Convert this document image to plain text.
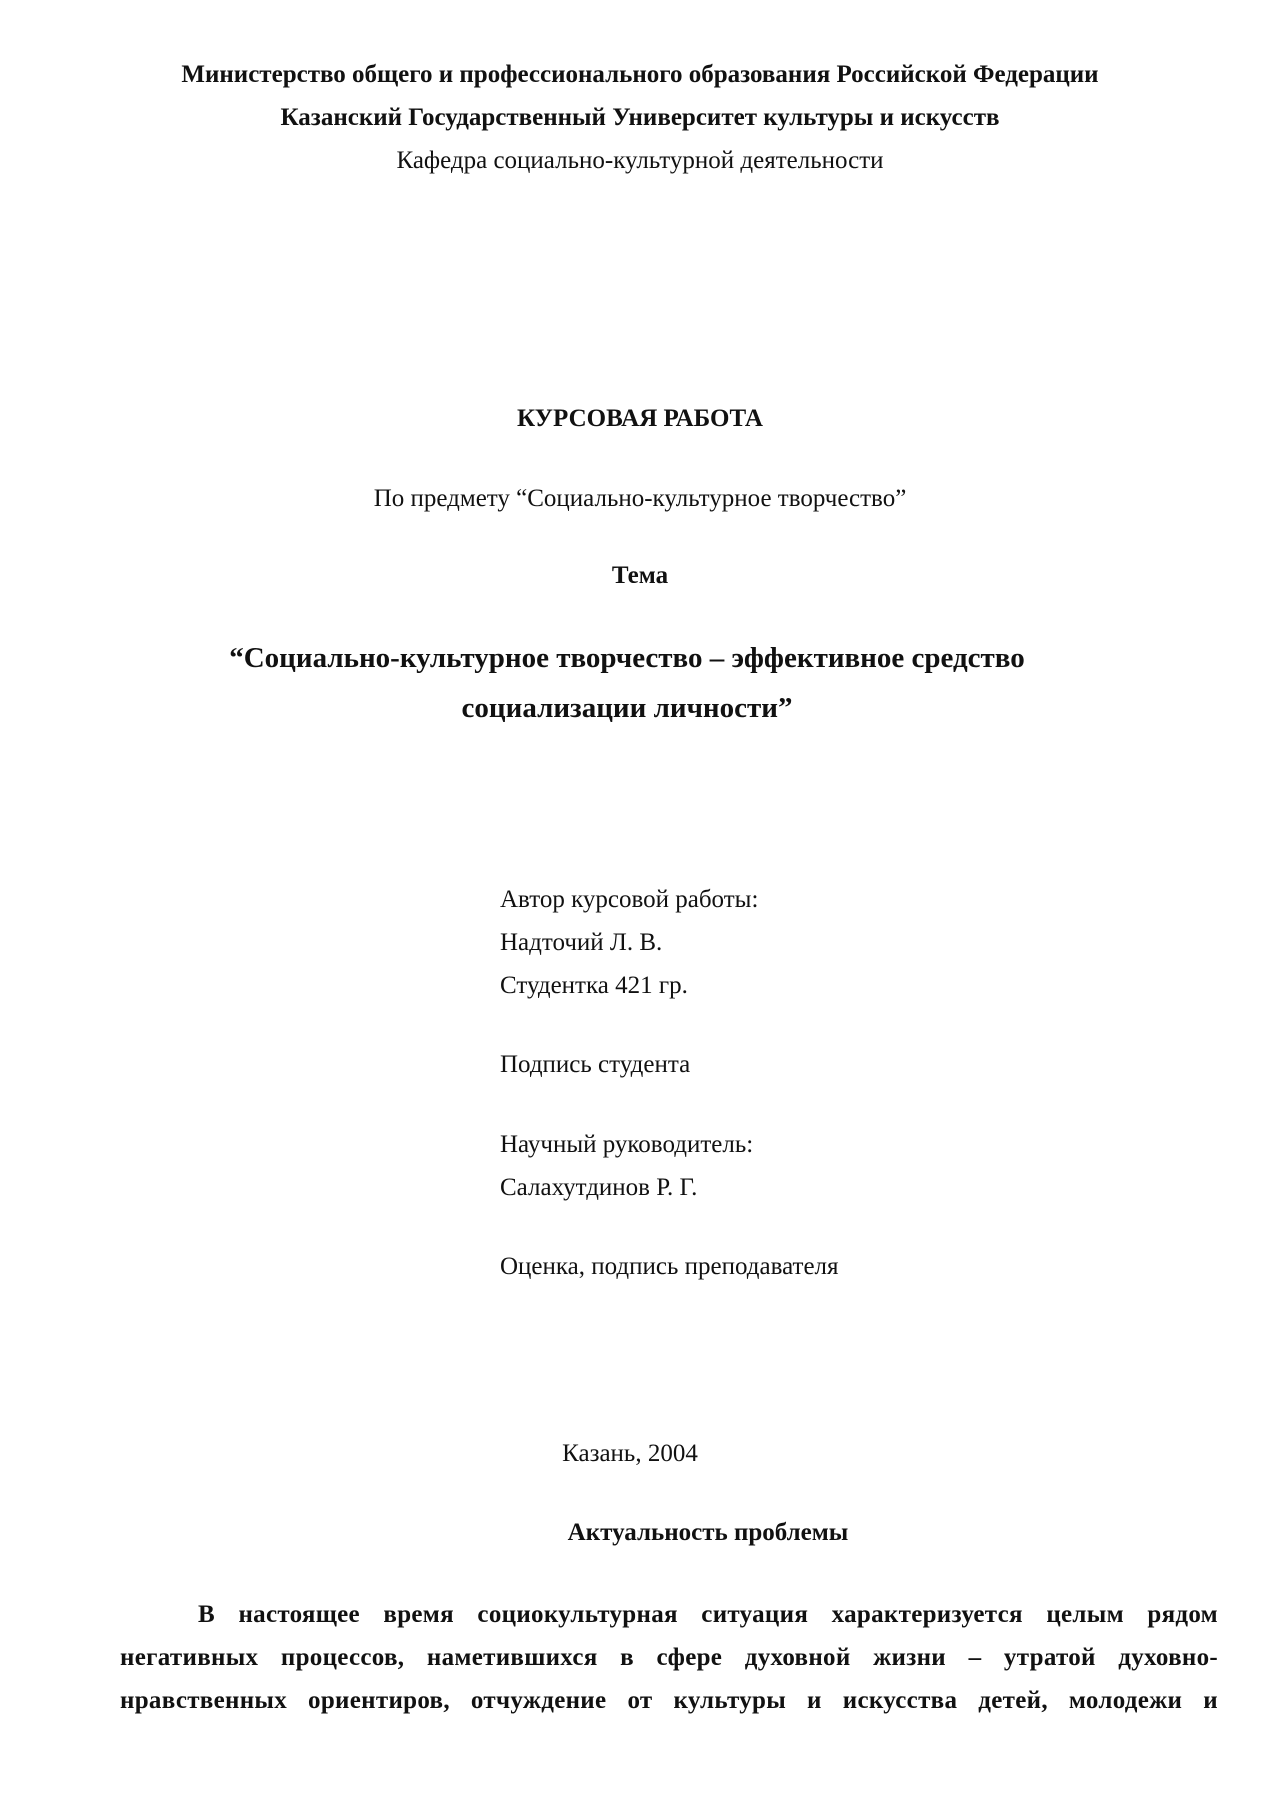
Министерство общего и профессионального образования Российской Федерации
Казанский Государственный Университет культуры и искусств
Кафедра социально-культурной деятельности
КУРСОВАЯ РАБОТА
По предмету “Социально-культурное творчество”
Тема
“Социально-культурное творчество – эффективное средство
социализации личности”
Автор курсовой работы:
Надточий Л. В.
Студентка 421 гр.
Подпись студента
Научный руководитель:
Салахутдинов Р. Г.
Оценка, подпись преподавателя
Казань, 2004
Актуальность проблемы
В настоящее время социокультурная ситуация характеризуется целым рядом
негативных процессов, наметившихся в сфере духовной жизни – утратой духовно-
нравственных ориентиров, отчуждение от культуры и искусства детей, молодежи и
